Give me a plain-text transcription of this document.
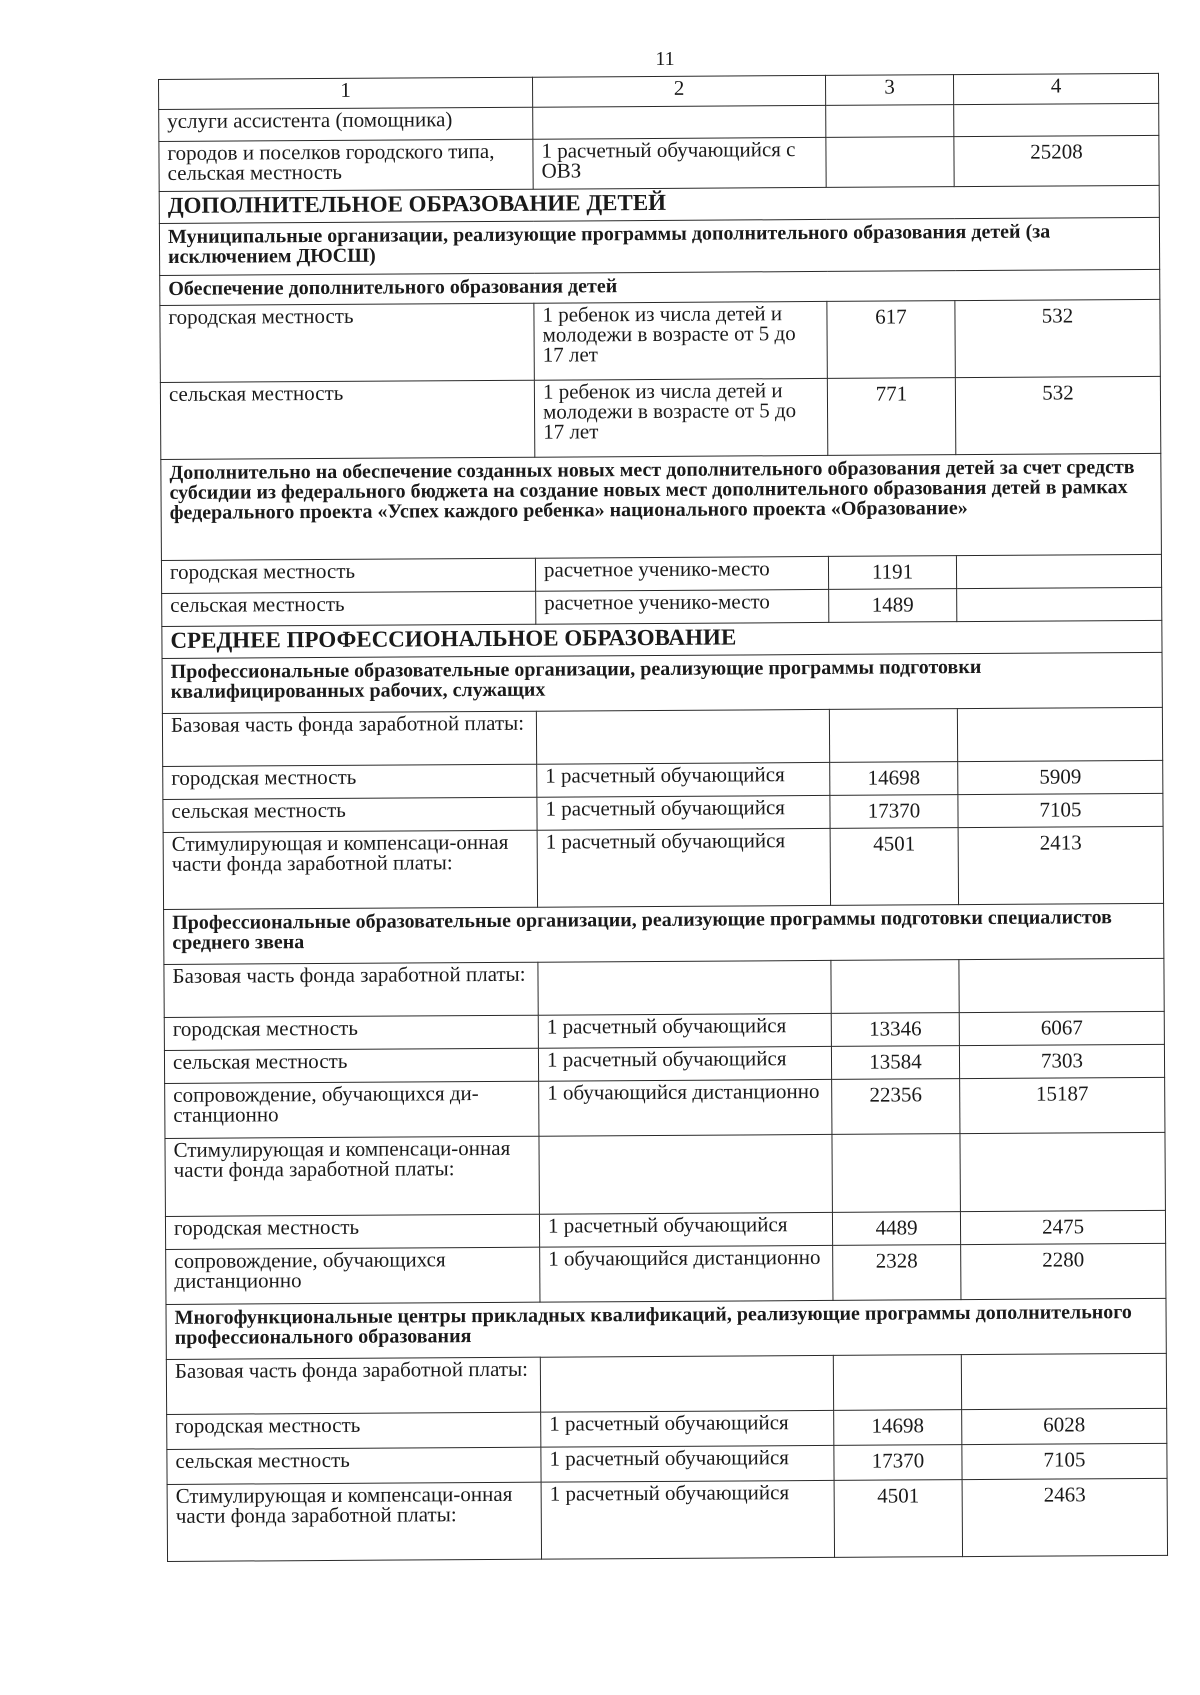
11
1	2	3	4
услуги ассистента (помощника)			
городов и поселков городского типа, сельская местность	1 расчетный обучающийся с ОВЗ		25208
ДОПОЛНИТЕЛЬНОЕ ОБРАЗОВАНИЕ ДЕТЕЙ			
Муниципальные организации, реализующие программы дополнительного образования детей (за исключением ДЮСШ)			
Обеспечение дополнительного образования детей			
городская местность	1 ребенок из числа детей и молодежи в возрасте от 5 до 17 лет	617	532
сельская местность	1 ребенок из числа детей и молодежи в возрасте от 5 до 17 лет	771	532
Дополнительно на обеспечение созданных новых мест дополнительного образования детей за счет средств субсидии из федерального бюджета на создание новых мест дополнительного образования детей в рамках федерального проекта «Успех каждого ребенка» национального проекта «Образование»			
городская местность	расчетное ученико-место	1191	
сельская местность	расчетное ученико-место	1489	
СРЕДНЕЕ ПРОФЕССИОНАЛЬНОЕ ОБРАЗОВАНИЕ			
Профессиональные образовательные организации, реализующие программы подготовки квалифицированных рабочих, служащих			
Базовая часть фонда заработной платы:			
городская местность	1 расчетный обучающийся	14698	5909
сельская местность	1 расчетный обучающийся	17370	7105
Стимулирующая и компенсаци-онная части фонда заработной платы:	1 расчетный обучающийся	4501	2413
Профессиональные образовательные организации, реализующие программы подготовки специалистов среднего звена			
Базовая часть фонда заработной платы:			
городская местность	1 расчетный обучающийся	13346	6067
сельская местность	1 расчетный обучающийся	13584	7303
сопровождение, обучающихся ди-станционно	1 обучающийся дистанционно	22356	15187
Стимулирующая и компенсаци-онная части фонда заработной платы:			
городская местность	1 расчетный обучающийся	4489	2475
сопровождение, обучающихся дистанционно	1 обучающийся дистанционно	2328	2280
Многофункциональные центры прикладных квалификаций, реализующие программы дополнительного профессионального образования			
Базовая часть фонда заработной платы:			
городская местность	1 расчетный обучающийся	14698	6028
сельская местность	1 расчетный обучающийся	17370	7105
Стимулирующая и компенсаци-онная части фонда заработной платы:	1 расчетный обучающийся	4501	2463
